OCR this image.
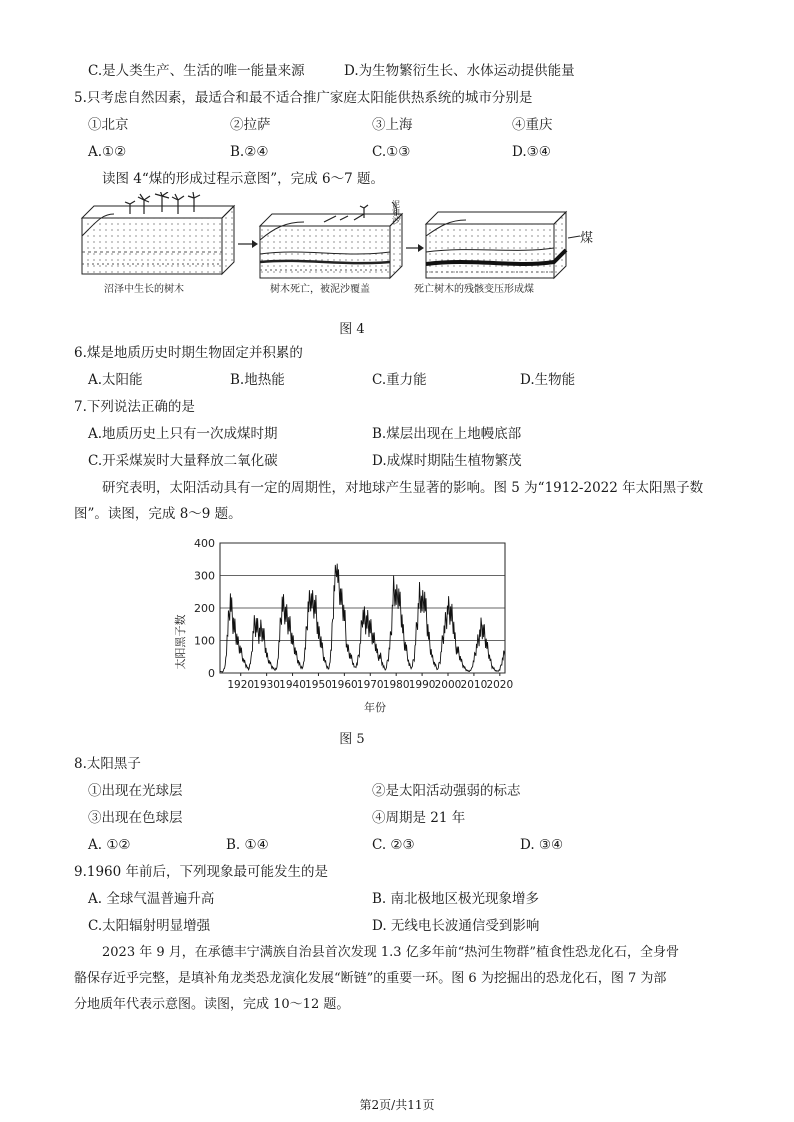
C.是人类生产、生活的唯一能量来源	D.为生物繁衍生长、水体运动提供能量
5.只考虑自然因素，最适合和最不适合推广家庭太阳能供热系统的城市分别是
①北京	②拉萨	③上海	④重庆
A.①②	B.②④	C.①③	D.③④
读图 4“煤的形成过程示意图”，完成 6～7 题。
泥和沙
煤
沼泽中生长的树木	树木死亡，被泥沙覆盖	死亡树木的残骸变压形成煤
图 4
6.煤是地质历史时期生物固定并积累的
A.太阳能	B.地热能	C.重力能	D.生物能
7.下列说法正确的是
A.地质历史上只有一次成煤时期	B.煤层出现在上地幔底部
C.开采煤炭时大量释放二氧化碳	D.成煤时期陆生植物繁茂
研究表明，太阳活动具有一定的周期性，对地球产生显著的影响。图 5 为“1912-2022 年太阳黑子数
图”。读图，完成 8～9 题。
0
100
200
300
400
1920 1930 1940 1950 1960 1970 1980 1990 2000 2010 2020
太阳黑子数
年份
图 5
8.太阳黑子
①出现在光球层	②是太阳活动强弱的标志
③出现在色球层	④周期是 21 年
A. ①②	B. ①④	C. ②③	D. ③④
9.1960 年前后，下列现象最可能发生的是
A. 全球气温普遍升高	B. 南北极地区极光现象增多
C.太阳辐射明显增强	D. 无线电长波通信受到影响
2023 年 9 月，在承德丰宁满族自治县首次发现 1.3 亿多年前“热河生物群”植食性恐龙化石，全身骨
骼保存近乎完整，是填补角龙类恐龙演化发展“断链”的重要一环。图 6 为挖掘出的恐龙化石，图 7 为部
分地质年代表示意图。读图，完成 10～12 题。
第2页/共11页
